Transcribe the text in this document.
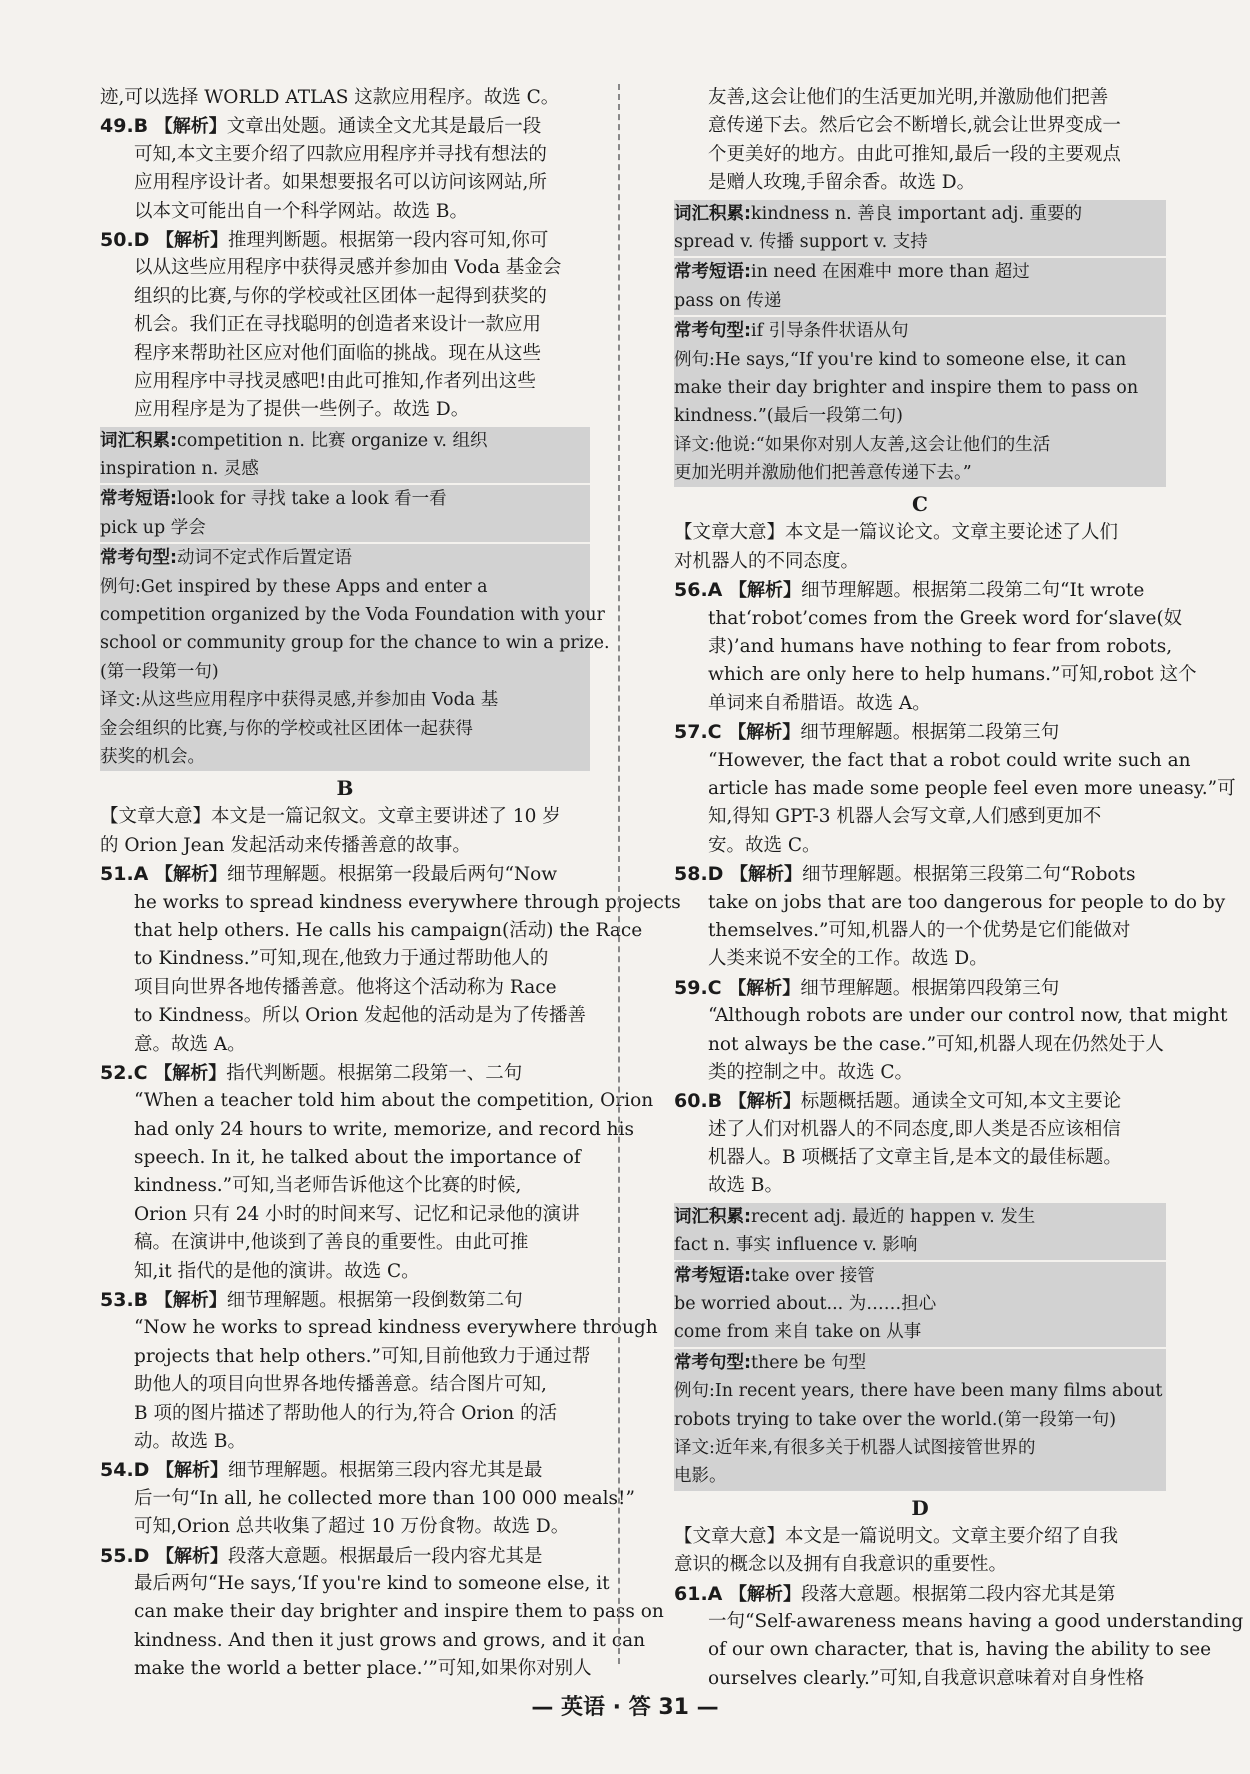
迹,可以选择 WORLD ATLAS 这款应用程序。故选 C。
49.B 【解析】文章出处题。通读全文尤其是最后一段
可知,本文主要介绍了四款应用程序并寻找有想法的
应用程序设计者。如果想要报名可以访问该网站,所
以本文可能出自一个科学网站。故选 B。
50.D 【解析】推理判断题。根据第一段内容可知,你可
以从这些应用程序中获得灵感并参加由 Voda 基金会
组织的比赛,与你的学校或社区团体一起得到获奖的
机会。我们正在寻找聪明的创造者来设计一款应用
程序来帮助社区应对他们面临的挑战。现在从这些
应用程序中寻找灵感吧!由此可推知,作者列出这些
应用程序是为了提供一些例子。故选 D。
词汇积累:competition n. 比赛 organize v. 组织
inspiration n. 灵感
常考短语:look for 寻找 take a look 看一看
pick up 学会
常考句型:动词不定式作后置定语
例句:Get inspired by these Apps and enter a
competition organized by the Voda Foundation with your
school or community group for the chance to win a prize.
(第一段第一句)
译文:从这些应用程序中获得灵感,并参加由 Voda 基
金会组织的比赛,与你的学校或社区团体一起获得
获奖的机会。
B
【文章大意】本文是一篇记叙文。文章主要讲述了 10 岁
的 Orion Jean 发起活动来传播善意的故事。
51.A 【解析】细节理解题。根据第一段最后两句“Now
he works to spread kindness everywhere through projects
that help others. He calls his campaign(活动) the Race
to Kindness.”可知,现在,他致力于通过帮助他人的
项目向世界各地传播善意。他将这个活动称为 Race
to Kindness。所以 Orion 发起他的活动是为了传播善
意。故选 A。
52.C 【解析】指代判断题。根据第二段第一、二句
“When a teacher told him about the competition, Orion
had only 24 hours to write, memorize, and record his
speech. In it, he talked about the importance of
kindness.”可知,当老师告诉他这个比赛的时候,
Orion 只有 24 小时的时间来写、记忆和记录他的演讲
稿。在演讲中,他谈到了善良的重要性。由此可推
知,it 指代的是他的演讲。故选 C。
53.B 【解析】细节理解题。根据第一段倒数第二句
“Now he works to spread kindness everywhere through
projects that help others.”可知,目前他致力于通过帮
助他人的项目向世界各地传播善意。结合图片可知,
B 项的图片描述了帮助他人的行为,符合 Orion 的活
动。故选 B。
54.D 【解析】细节理解题。根据第三段内容尤其是最
后一句“In all, he collected more than 100 000 meals!”
可知,Orion 总共收集了超过 10 万份食物。故选 D。
55.D 【解析】段落大意题。根据最后一段内容尤其是
最后两句“He says,‘If you're kind to someone else, it
can make their day brighter and inspire them to pass on
kindness. And then it just grows and grows, and it can
make the world a better place.’”可知,如果你对别人
友善,这会让他们的生活更加光明,并激励他们把善
意传递下去。然后它会不断增长,就会让世界变成一
个更美好的地方。由此可推知,最后一段的主要观点
是赠人玫瑰,手留余香。故选 D。
词汇积累:kindness n. 善良 important adj. 重要的
spread v. 传播 support v. 支持
常考短语:in need 在困难中 more than 超过
pass on 传递
常考句型:if 引导条件状语从句
例句:He says,“If you're kind to someone else, it can
make their day brighter and inspire them to pass on
kindness.”(最后一段第二句)
译文:他说:“如果你对别人友善,这会让他们的生活
更加光明并激励他们把善意传递下去。”
C
【文章大意】本文是一篇议论文。文章主要论述了人们
对机器人的不同态度。
56.A 【解析】细节理解题。根据第二段第二句“It wrote
that‘robot’comes from the Greek word for‘slave(奴
隶)’and humans have nothing to fear from robots,
which are only here to help humans.”可知,robot 这个
单词来自希腊语。故选 A。
57.C 【解析】细节理解题。根据第二段第三句
“However, the fact that a robot could write such an
article has made some people feel even more uneasy.”可
知,得知 GPT-3 机器人会写文章,人们感到更加不
安。故选 C。
58.D 【解析】细节理解题。根据第三段第二句“Robots
take on jobs that are too dangerous for people to do by
themselves.”可知,机器人的一个优势是它们能做对
人类来说不安全的工作。故选 D。
59.C 【解析】细节理解题。根据第四段第三句
“Although robots are under our control now, that might
not always be the case.”可知,机器人现在仍然处于人
类的控制之中。故选 C。
60.B 【解析】标题概括题。通读全文可知,本文主要论
述了人们对机器人的不同态度,即人类是否应该相信
机器人。B 项概括了文章主旨,是本文的最佳标题。
故选 B。
词汇积累:recent adj. 最近的 happen v. 发生
fact n. 事实 influence v. 影响
常考短语:take over 接管
be worried about... 为……担心
come from 来自 take on 从事
常考句型:there be 句型
例句:In recent years, there have been many films about
robots trying to take over the world.(第一段第一句)
译文:近年来,有很多关于机器人试图接管世界的
电影。
D
【文章大意】本文是一篇说明文。文章主要介绍了自我
意识的概念以及拥有自我意识的重要性。
61.A 【解析】段落大意题。根据第二段内容尤其是第
一句“Self-awareness means having a good understanding
of our own character, that is, having the ability to see
ourselves clearly.”可知,自我意识意味着对自身性格
— 英语 · 答 31 —
